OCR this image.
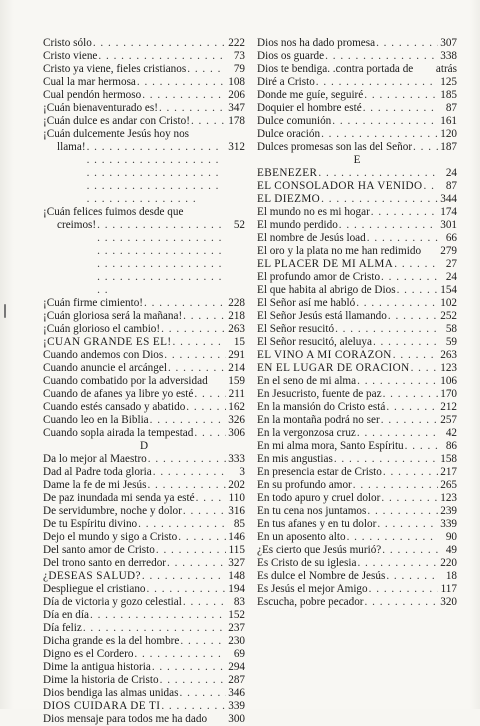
Cristo sólo . . .	222
Cristo viene . . .	73
Cristo ya viene, fieles cristianos . . .	79
Cual la mar hermosa . . .	108
Cual pendón hermoso . . .	206
¡Cuán bienaventurado es! . . .	347
¡Cuán dulce es andar con Cristo! . . .	178
¡Cuán dulcemente Jesús hoy nos
llama! . . .	312
¡Cuán felices fuimos desde que
creimos! . . .	52
¡Cuán firme cimiento! . . .	228
¡Cuán gloriosa será la mañana! . . .	218
¡Cuán glorioso el cambio! . . .	263
¡CUAN GRANDE ES EL! . . .	15
Cuando andemos con Dios . . .	291
Cuando anuncie el arcángel . . .	214
Cuando combatido por la adversidad 159
Cuando de afanes ya libre yo esté . . .	211
Cuando estés cansado y abatido . . .	162
Cuando leo en la Biblia . . .	326
Cuando sopla airada la tempestad . . .	306
D
Da lo mejor al Maestro . . .	333
Dad al Padre toda gloria . . .	3
Dame la fe de mi Jesús . . .	202
De paz inundada mi senda ya esté . . .	110
De servidumbre, noche y dolor . . .	316
De tu Espíritu divino . . .	85
Dejo el mundo y sigo a Cristo . . .	146
Del santo amor de Cristo . . .	115
Del trono santo en derredor . . .	327
¿DESEAS SALUD? . . .	148
Despliegue el cristiano . . .	194
Día de victoria y gozo celestial . . .	83
Día en día . . .	152
Día feliz . . .	237
Dicha grande es la del hombre . . .	230
Digno es el Cordero . . .	69
Dime la antigua historia . . .	294
Dime la historia de Cristo . . .	287
Dios bendiga las almas unidas . . .	346
DIOS CUIDARA DE TI . . .	339
Dios mensaje para todos me ha dado 300
Dios nos ha dado promesa . . .	307
Dios os guarde . . .	338
Dios te bendiga. .contra portada de atrás
Diré a Cristo . . .	125
Donde me guíe, seguiré . . .	185
Doquier el hombre esté . . .	87
Dulce comunión . . .	161
Dulce oración . . .	120
Dulces promesas son las del Señor . . .	187
E
EBENEZER . . .	24
EL CONSOLADOR HA VENIDO . . .	87
EL DIEZMO . . .	344
El mundo no es mi hogar . . .	174
El mundo perdido . . .	301
El nombre de Jesús load . . .	66
El oro y la plata no me han redimido 279
EL PLACER DE MI ALMA . . .	27
El profundo amor de Cristo . . .	24
El que habita al abrigo de Dios . . .	154
El Señor así me habló . . .	102
El Señor Jesús está llamando . . .	252
El Señor resucitó . . .	58
El Señor resucitó, aleluya . . .	59
EL VINO A MI CORAZON . . .	263
EN EL LUGAR DE ORACION . . .	123
En el seno de mi alma . . .	106
En Jesucristo, fuente de paz . . .	170
En la mansión do Cristo está . . .	212
En la montaña podrá no ser . . .	257
En la vergonzosa cruz . . .	42
En mi alma mora, Santo Espíritu . . .	86
En mis angustias . . .	158
En presencia estar de Cristo . . .	217
En su profundo amor . . .	265
En todo apuro y cruel dolor . . .	123
En tu cena nos juntamos . . .	239
En tus afanes y en tu dolor . . .	339
En un aposento alto . . .	90
¿Es cierto que Jesús murió? . . .	49
Es Cristo de su iglesia . . .	220
Es dulce el Nombre de Jesús . . .	18
Es Jesús el mejor Amigo . . .	117
Escucha, pobre pecador . . .	320
